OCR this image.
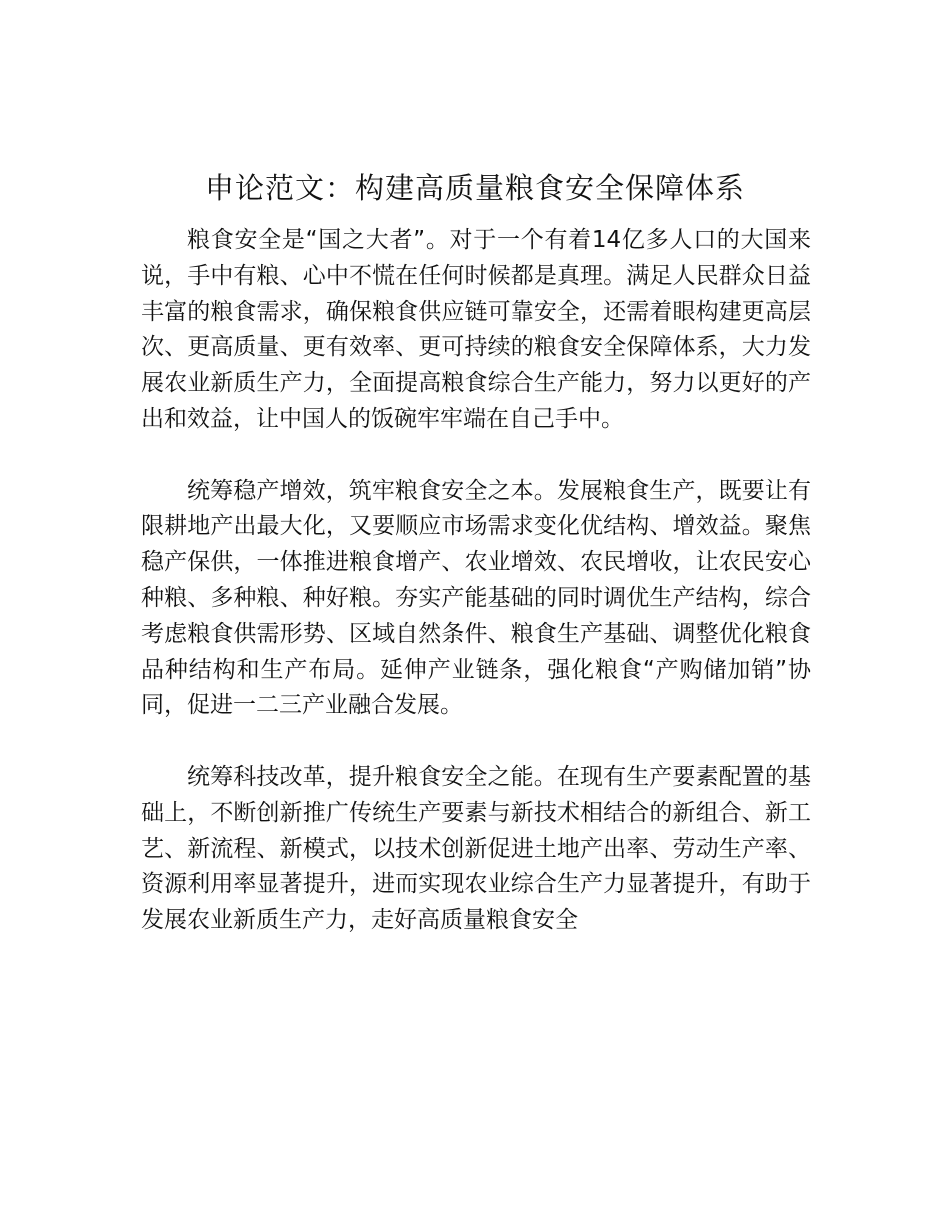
申论范文：构建高质量粮食安全保障体系

粮食安全是“国之大者”。对于一个有着14亿多人口的大国来说，手中有粮、心中不慌在任何时候都是真理。满足人民群众日益丰富的粮食需求，确保粮食供应链可靠安全，还需着眼构建更高层次、更高质量、更有效率、更可持续的粮食安全保障体系，大力发展农业新质生产力，全面提高粮食综合生产能力，努力以更好的产出和效益，让中国人的饭碗牢牢端在自己手中。

统筹稳产增效，筑牢粮食安全之本。发展粮食生产，既要让有限耕地产出最大化，又要顺应市场需求变化优结构、增效益。聚焦稳产保供，一体推进粮食增产、农业增效、农民增收，让农民安心种粮、多种粮、种好粮。夯实产能基础的同时调优生产结构，综合考虑粮食供需形势、区域自然条件、粮食生产基础、调整优化粮食品种结构和生产布局。延伸产业链条，强化粮食“产购储加销”协同，促进一二三产业融合发展。

统筹科技改革，提升粮食安全之能。在现有生产要素配置的基础上，不断创新推广传统生产要素与新技术相结合的新组合、新工艺、新流程、新模式，以技术创新促进土地产出率、劳动生产率、资源利用率显著提升，进而实现农业综合生产力显著提升，有助于发展农业新质生产力，走好高质量粮食安全
